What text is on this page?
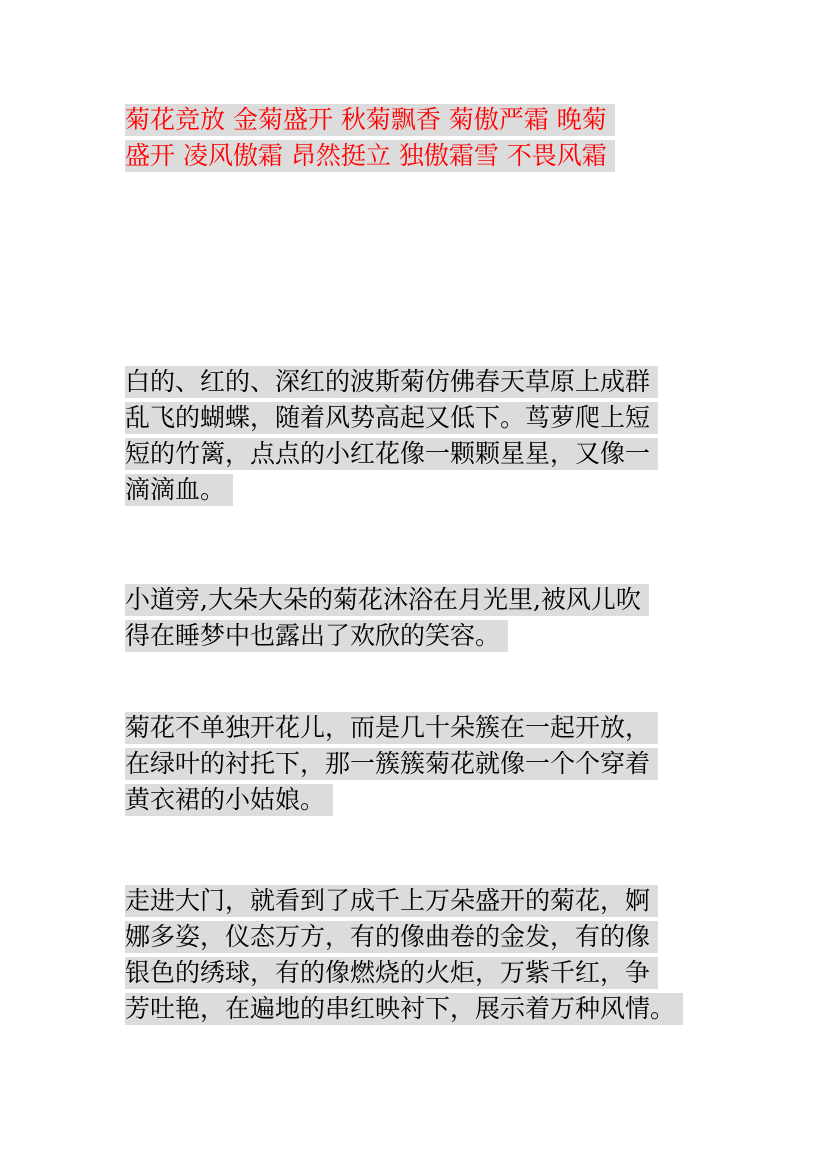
菊花竞放 金菊盛开 秋菊飘香 菊傲严霜 晚菊
盛开 凌风傲霜 昂然挺立 独傲霜雪 不畏风霜
白的、红的、深红的波斯菊仿佛春天草原上成群
乱飞的蝴蝶，随着风势高起又低下。茑萝爬上短
短的竹篱，点点的小红花像一颗颗星星，又像一
滴滴血。
小道旁,大朵大朵的菊花沐浴在月光里,被风儿吹
得在睡梦中也露出了欢欣的笑容。
菊花不单独开花儿，而是几十朵簇在一起开放，
在绿叶的衬托下，那一簇簇菊花就像一个个穿着
黄衣裙的小姑娘。
走进大门，就看到了成千上万朵盛开的菊花，婀
娜多姿，仪态万方，有的像曲卷的金发，有的像
银色的绣球，有的像燃烧的火炬，万紫千红，争
芳吐艳，在遍地的串红映衬下，展示着万种风情。
